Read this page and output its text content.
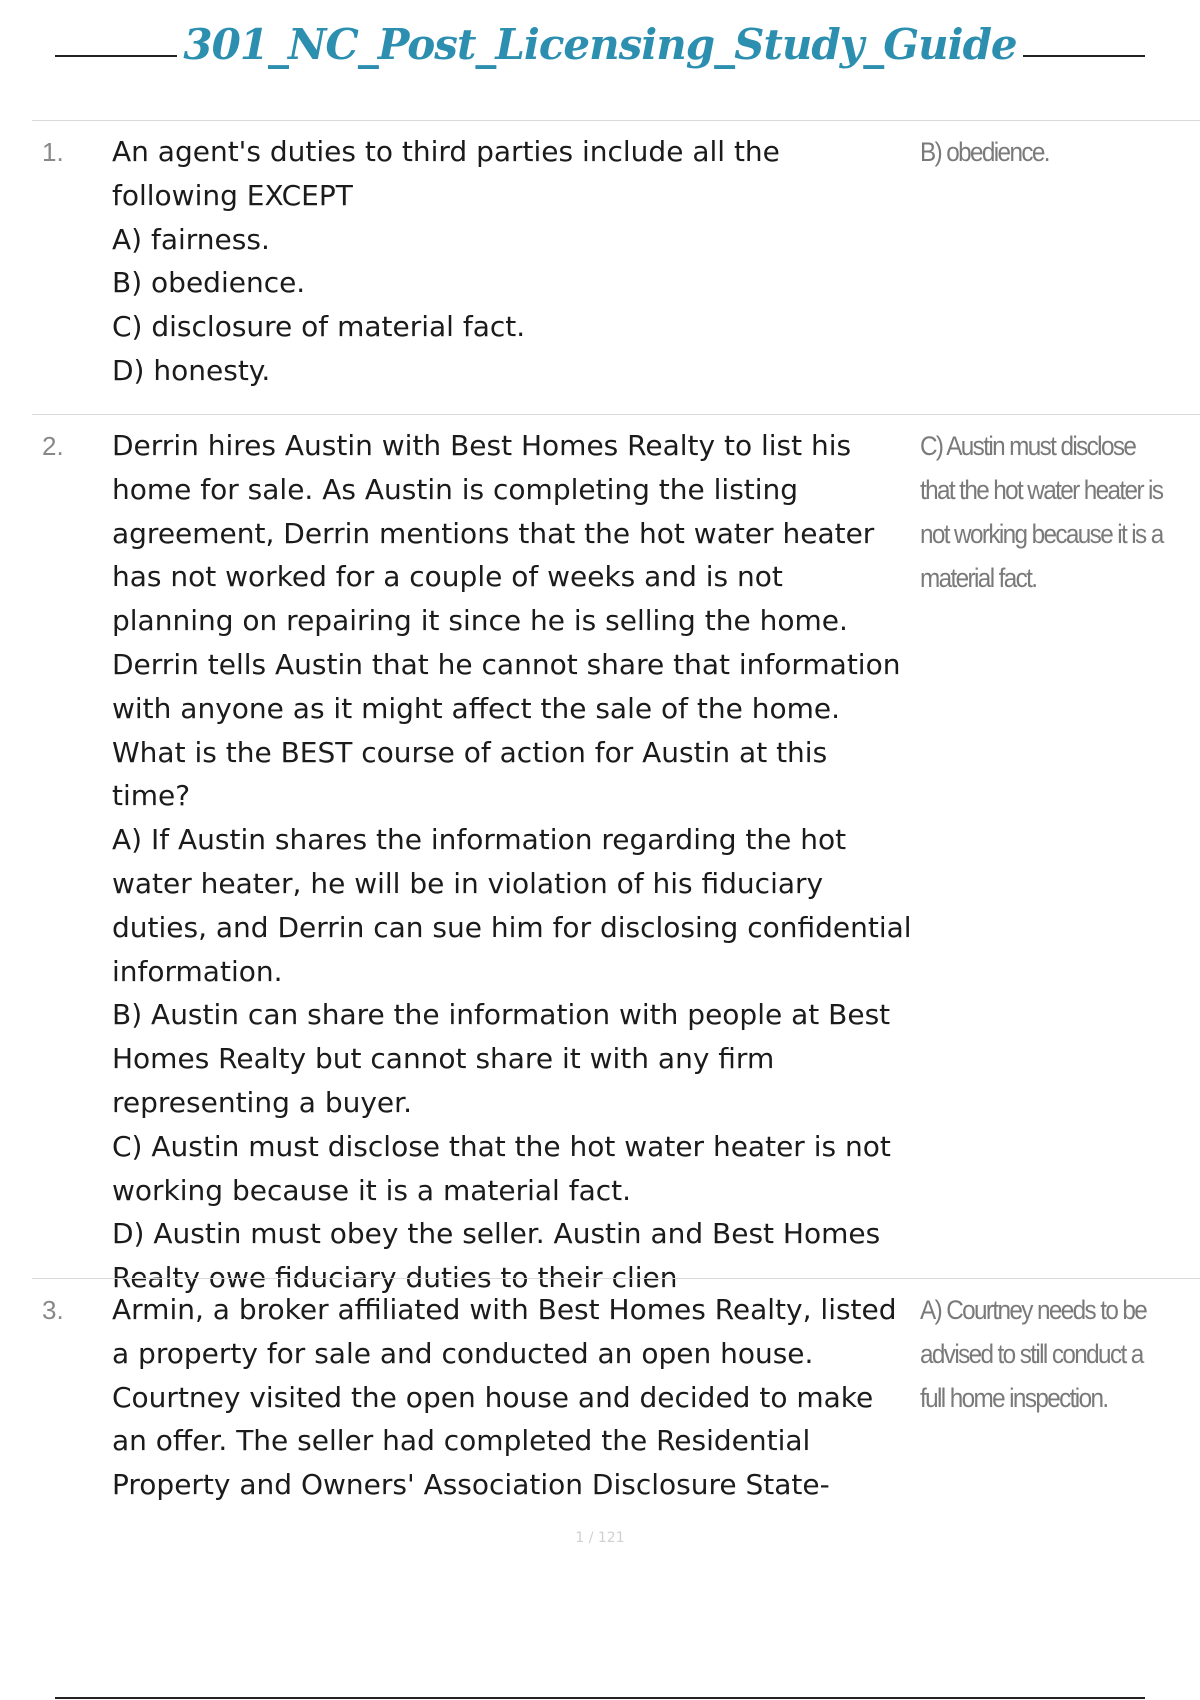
301_NC_Post_Licensing_Study_Guide
1. An agent's duties to third parties include all the following EXCEPT

A) fairness.

B) obedience.

C) disclosure of material fact.

D) honesty.

B) obedience.
2. Derrin hires Austin with Best Homes Realty to list his home for sale. As Austin is completing the listing agreement, Derrin mentions that the hot water heater has not worked for a couple of weeks and is not planning on repairing it since he is selling the home. Derrin tells Austin that he cannot share that information with anyone as it might affect the sale of the home. What is the BEST course of action for Austin at this time?

A) If Austin shares the information regarding the hot water heater, he will be in violation of his fiduciary duties, and Derrin can sue him for disclosing confidential information.

B) Austin can share the information with people at Best Homes Realty but cannot share it with any firm representing a buyer.

C) Austin must disclose that the hot water heater is not working because it is a material fact.

D) Austin must obey the seller. Austin and Best Homes Realty owe fiduciary duties to their clien

C) Austin must disclose that the hot water heater is not working because it is a material fact.
3. Armin, a broker affiliated with Best Homes Realty, listed a property for sale and conducted an open house. Courtney visited the open house and decided to make an offer. The seller had completed the Residential Property and Owners' Association Disclosure State-

A) Courtney needs to be advised to still conduct a full home inspection.
1 / 121
